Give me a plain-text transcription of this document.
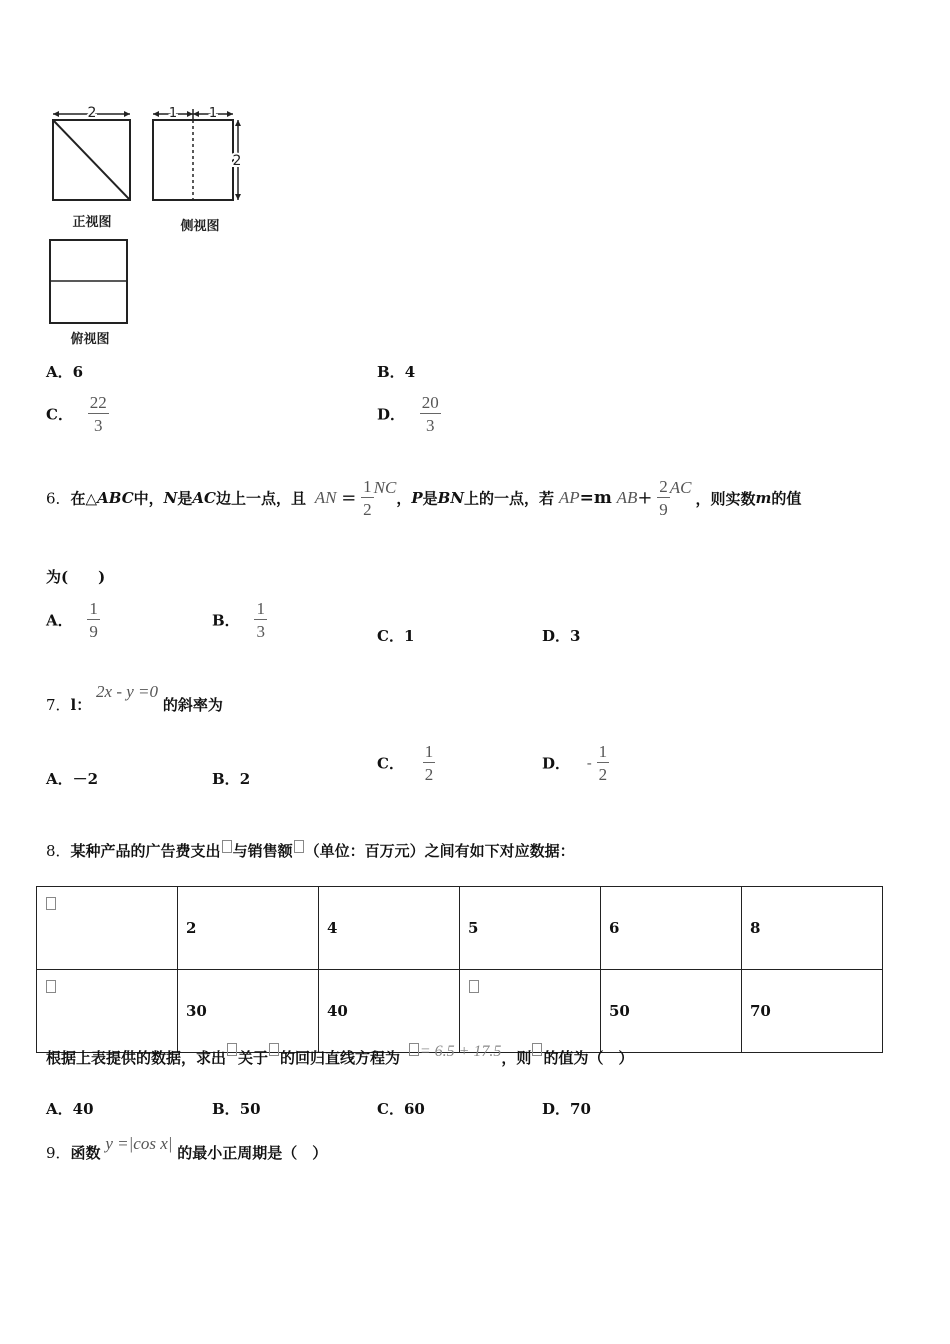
2
正视图
1 1
2
侧视图
俯视图
A．6	B．4
C． $\frac{22}{3}$	D． $\frac{20}{3}$
6．在△ABC中，N是AC边上一点，且 AN = $\frac{1}{2}$ NC，P是BN上的一点，若 AP=m $AB+ \frac{2}{9}$ AC，则实数m的值
为(　　)
A． $\frac{1}{9}$	B． $\frac{1}{3}$	C．1	D．3
7．l： 2x - y =0 的斜率为
A．－2	B．2
C． $\frac{1}{2}$	D． - $\frac{1}{2}$
8．某种产品的广告费支出 与销售额 （单位：百万元）之间有如下对应数据：
	2	4	5	6	8
	30	40		50	70
根据上表提供的数据，求出 关于 的回归直线方程为 = 6.5 + 17.5，则 的值为（　）
A．40	B．50	C．60	D．70
9．函数 y =|cos x| 的最小正周期是（　）
